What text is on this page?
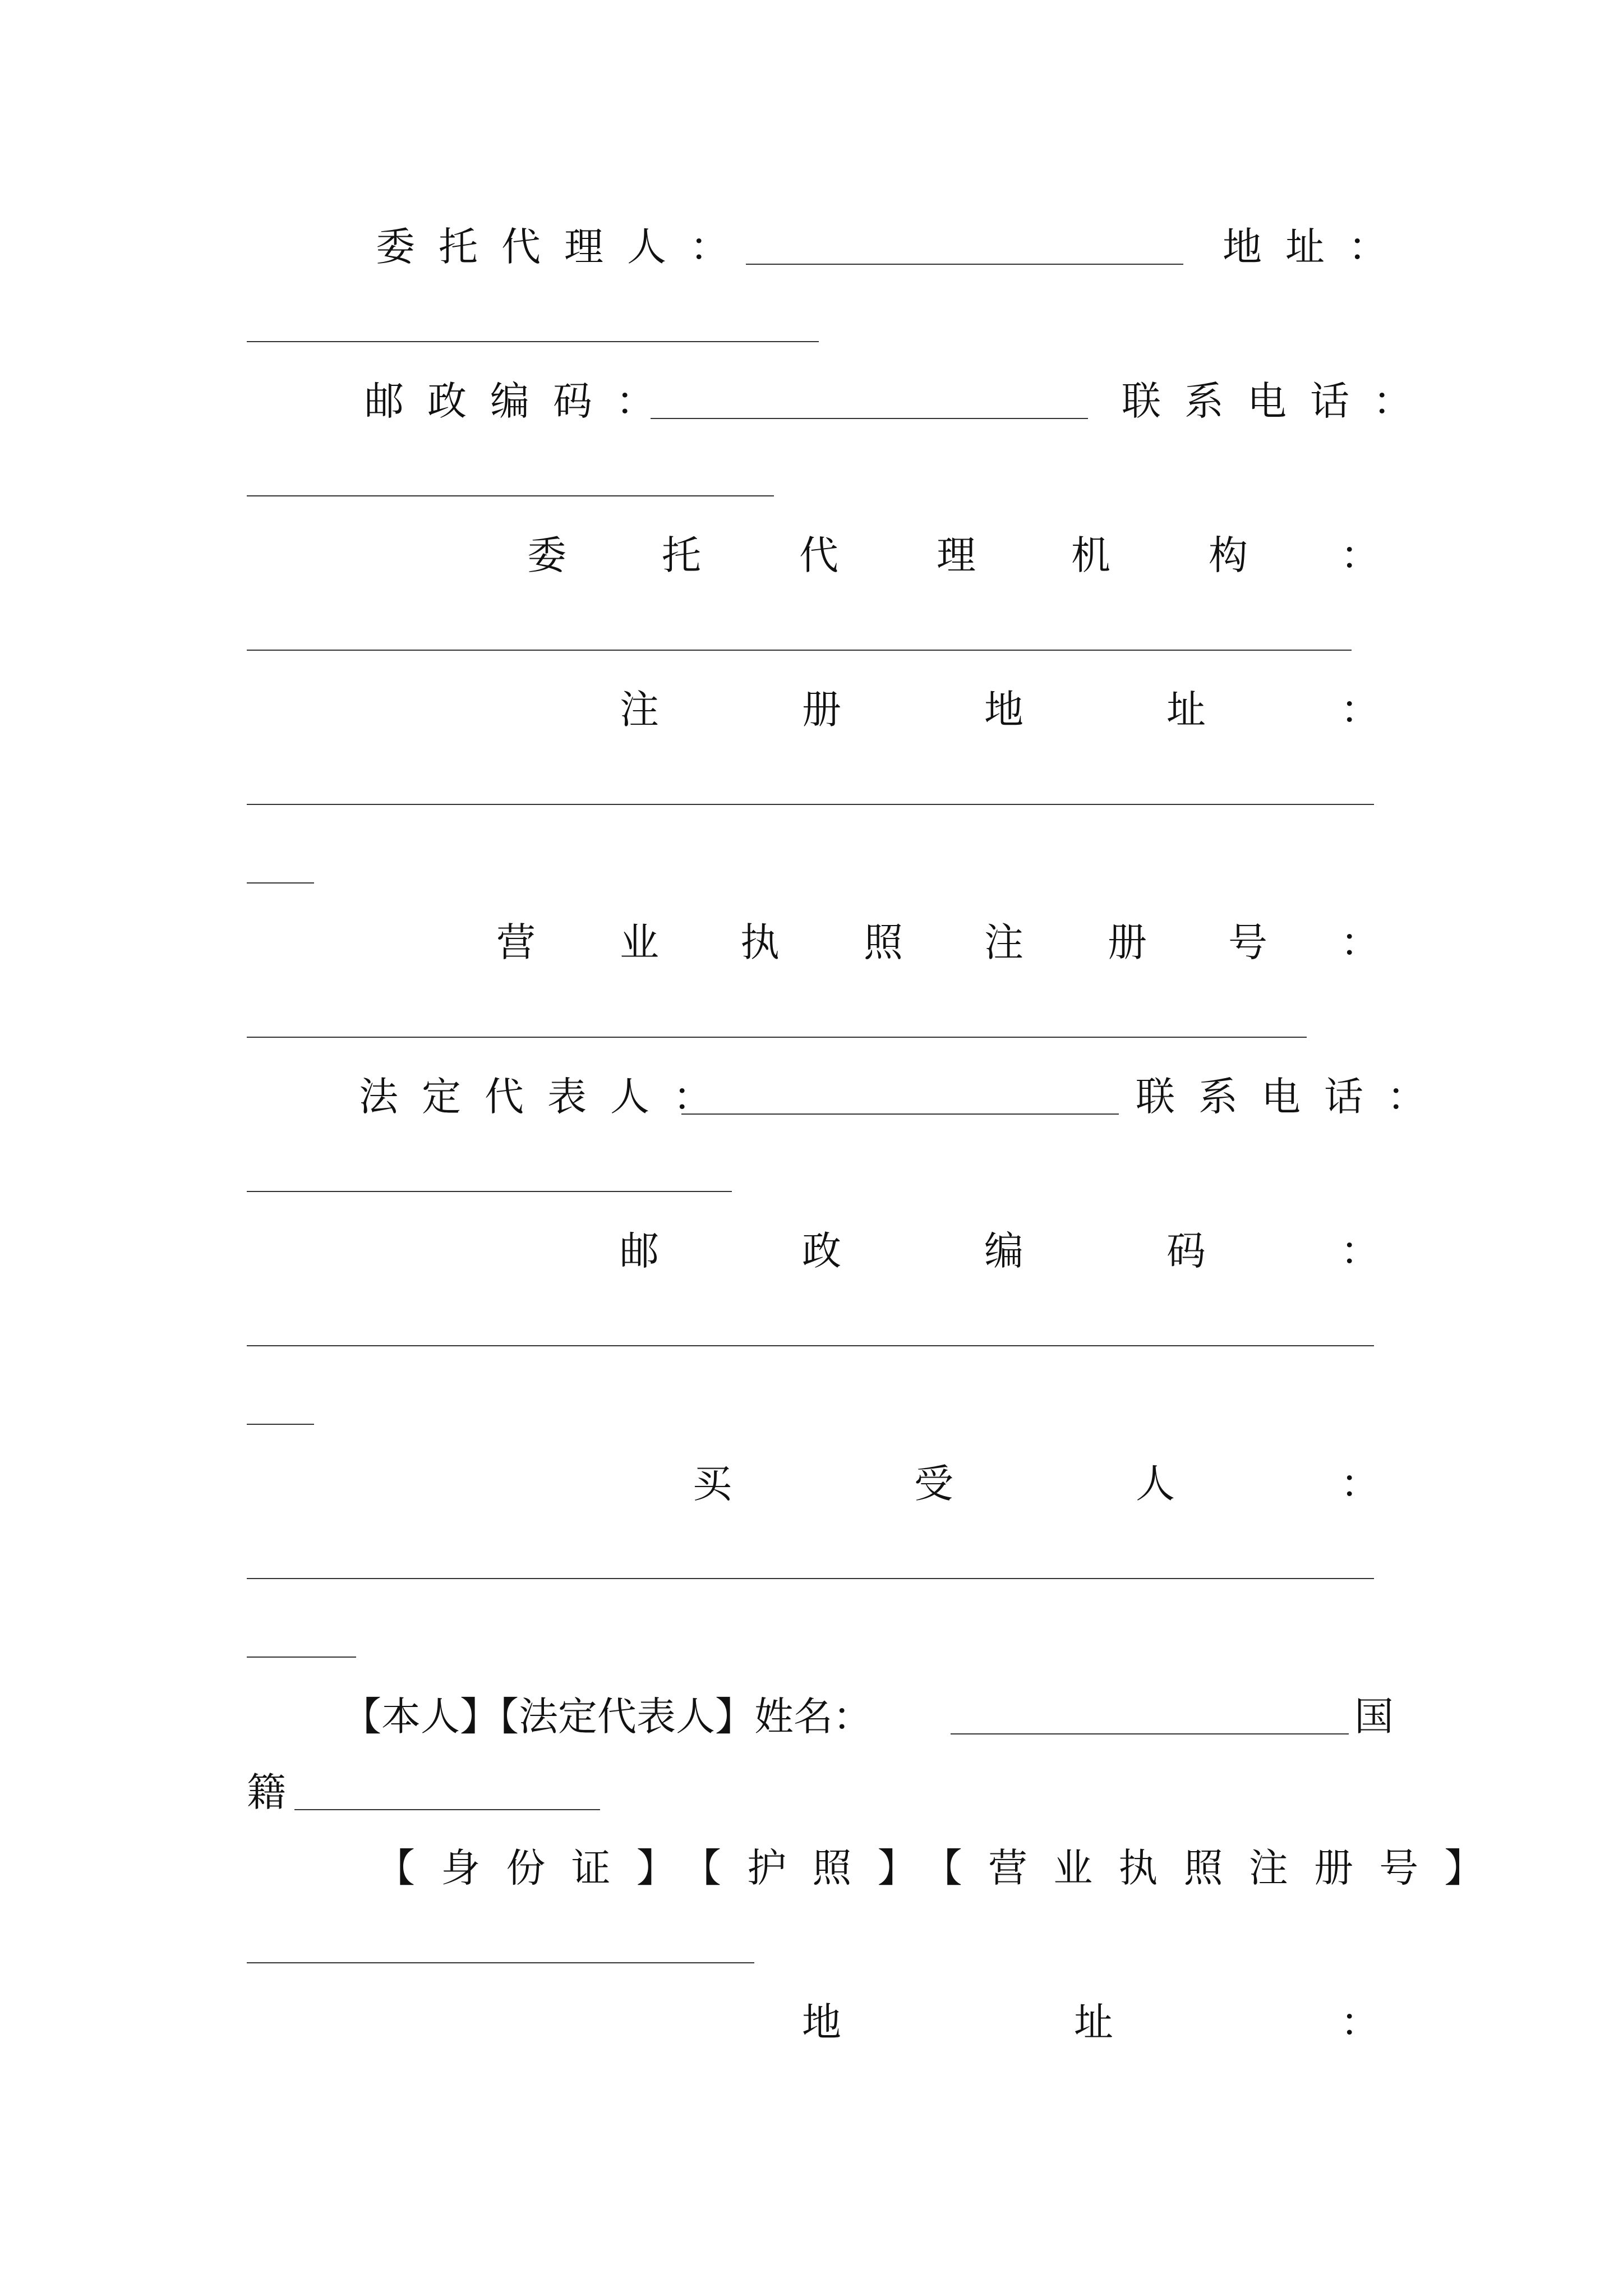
委托代理人：	地址：
邮政编码：	联系电话：
委 托	代	理 机	构 ：
注	册	地	址	：
营 业 执 照 注 册 号 ：
法定代表人：	联系电话：
邮	政	编	码	：
买	受	人	：
【本人】【法定代表人】姓名：	国
籍
【身份证】【护照】【营业执照注册号】
地	址	：
